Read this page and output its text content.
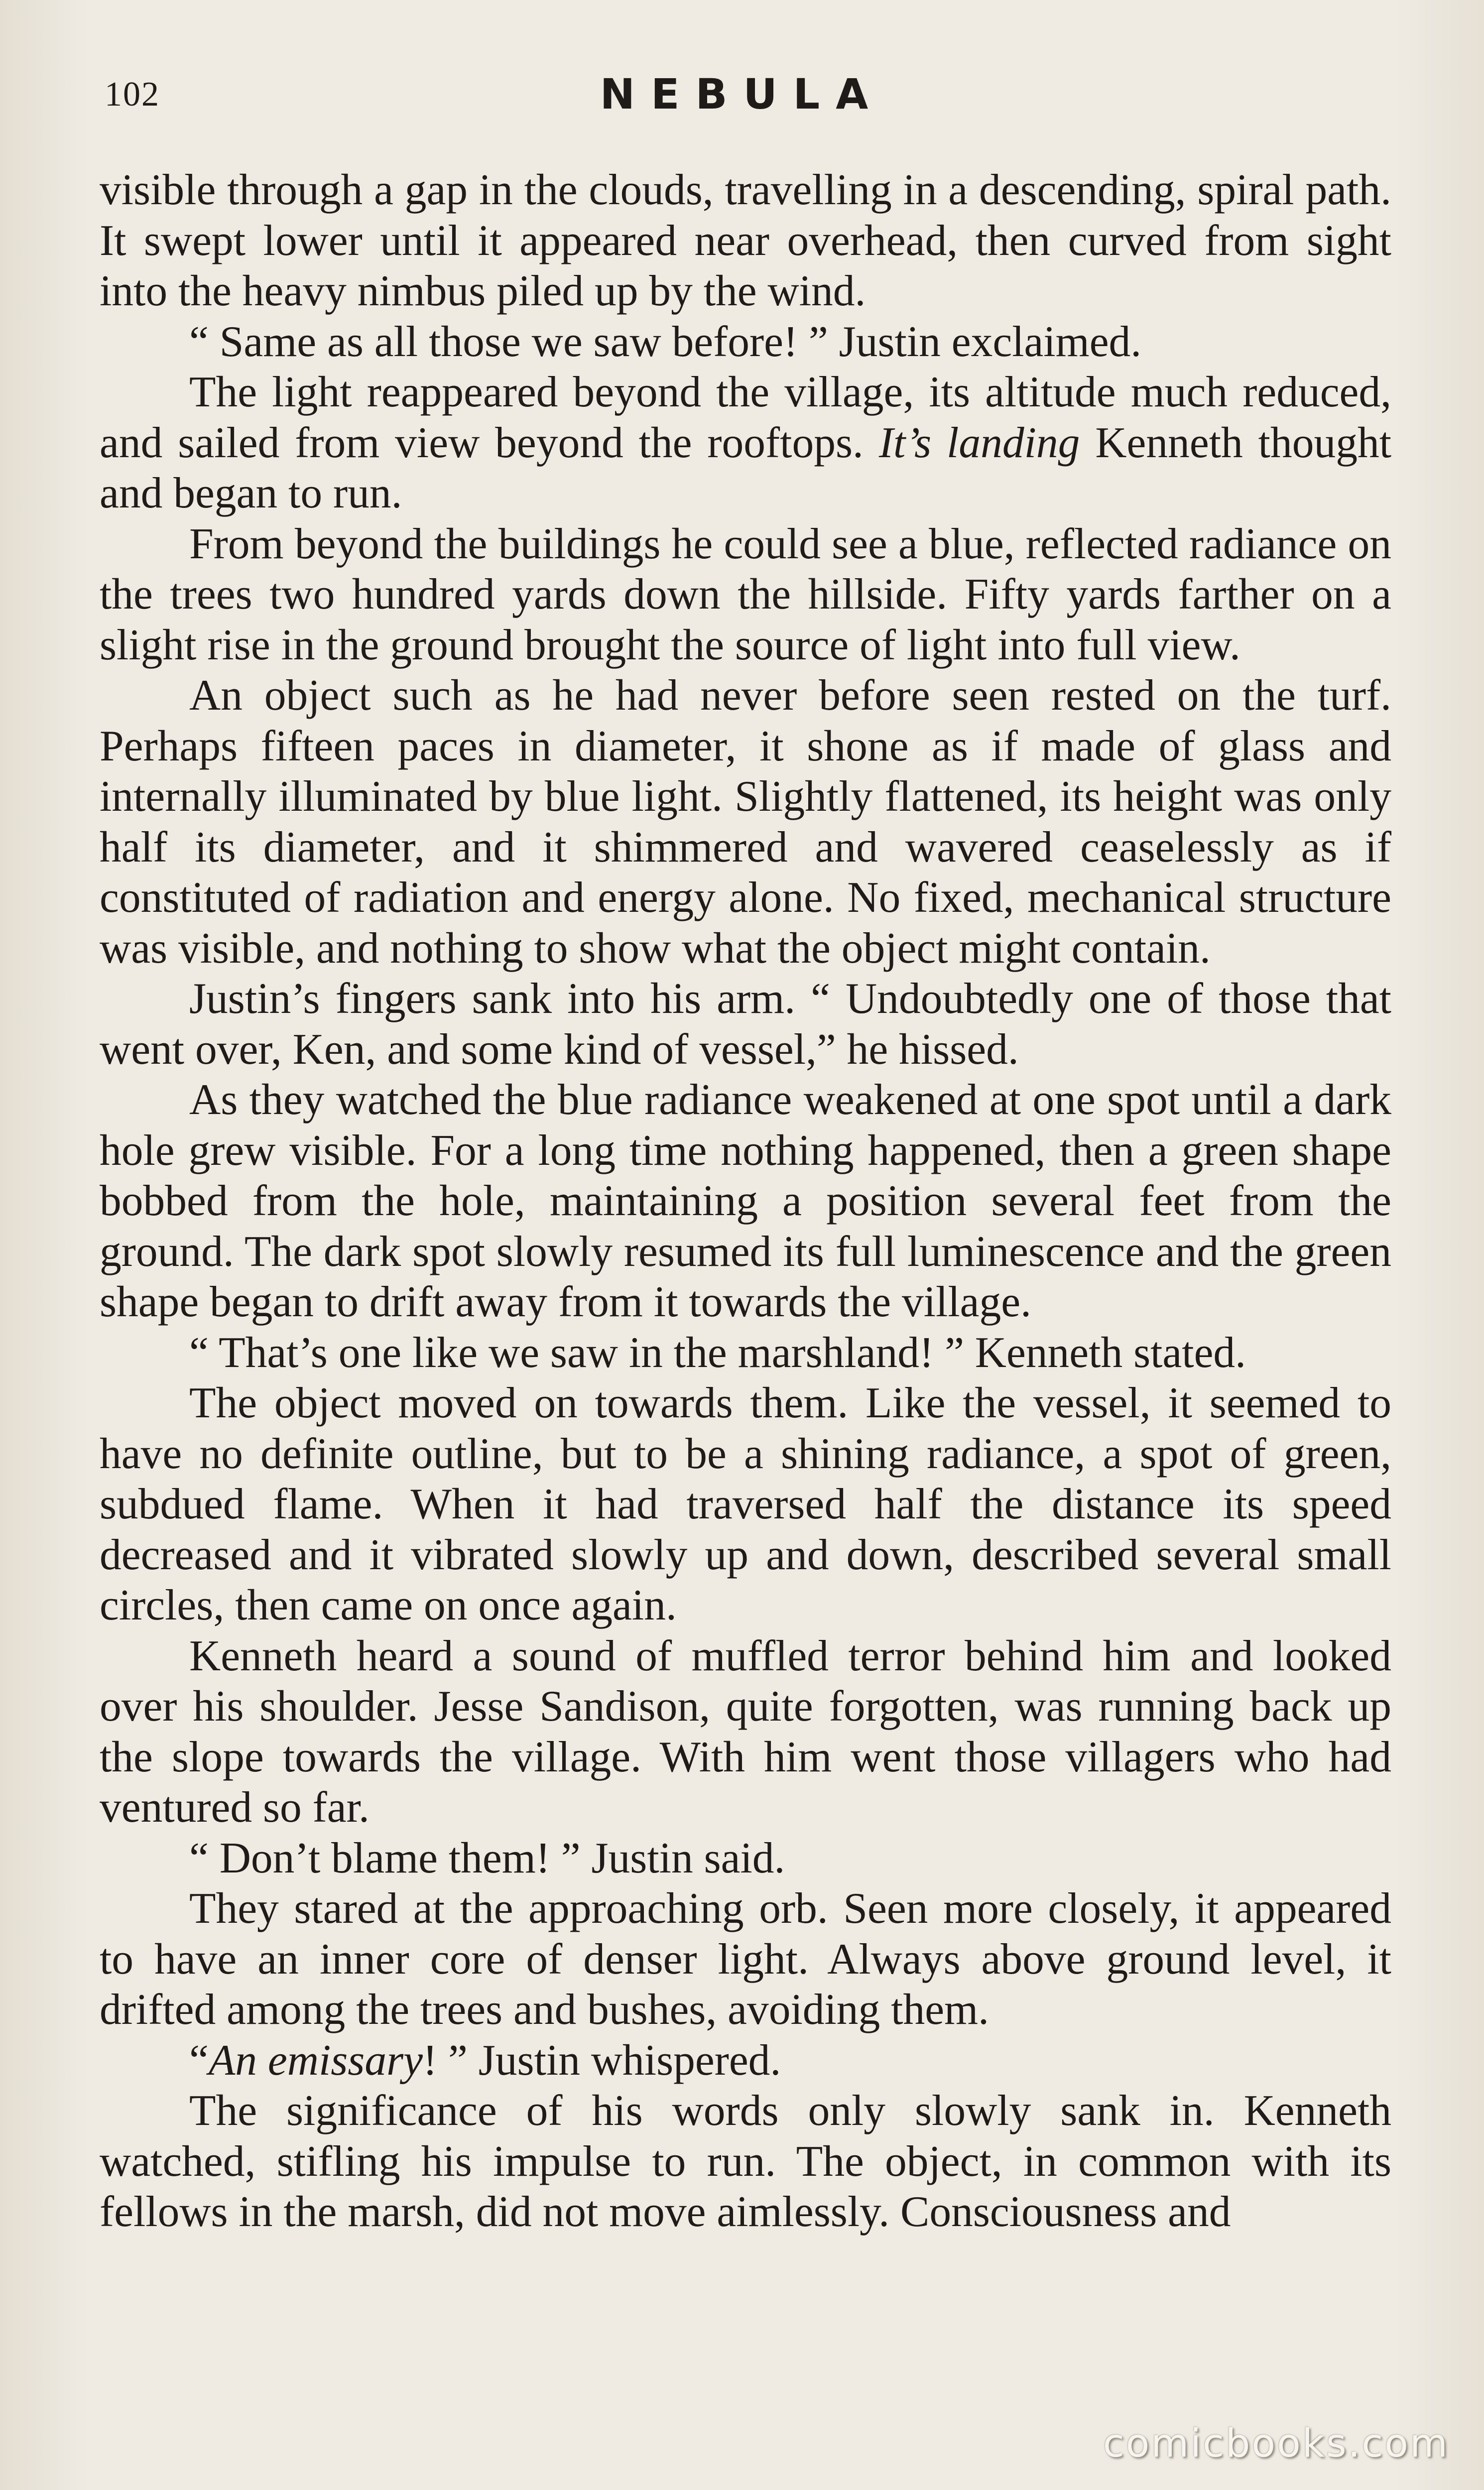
102	NEBULA

visible through a gap in the clouds, travelling in a descending, spiral path. It swept lower until it appeared near overhead, then curved from sight into the heavy nimbus piled up by the wind.

“ Same as all those we saw before! ” Justin exclaimed.

The light reappeared beyond the village, its altitude much reduced, and sailed from view beyond the rooftops. It’s landing Kenneth thought and began to run.

From beyond the buildings he could see a blue, reflected radiance on the trees two hundred yards down the hillside. Fifty yards farther on a slight rise in the ground brought the source of light into full view.

An object such as he had never before seen rested on the turf. Perhaps fifteen paces in diameter, it shone as if made of glass and internally illuminated by blue light. Slightly flattened, its height was only half its diameter, and it shimmered and wavered ceaselessly as if constituted of radiation and energy alone. No fixed, mechanical structure was visible, and nothing to show what the object might contain.

Justin’s fingers sank into his arm. “ Undoubtedly one of those that went over, Ken, and some kind of vessel,” he hissed.

As they watched the blue radiance weakened at one spot until a dark hole grew visible. For a long time nothing happened, then a green shape bobbed from the hole, maintaining a position several feet from the ground. The dark spot slowly resumed its full luminescence and the green shape began to drift away from it towards the village.

“ That’s one like we saw in the marshland! ” Kenneth stated.

The object moved on towards them. Like the vessel, it seemed to have no definite outline, but to be a shining radiance, a spot of green, subdued flame. When it had traversed half the distance its speed decreased and it vibrated slowly up and down, described several small circles, then came on once again.

Kenneth heard a sound of muffled terror behind him and looked over his shoulder. Jesse Sandison, quite forgotten, was running back up the slope towards the village. With him went those villagers who had ventured so far.

“ Don’t blame them! ” Justin said.

They stared at the approaching orb. Seen more closely, it appeared to have an inner core of denser light. Always above ground level, it drifted among the trees and bushes, avoiding them.

“An emissary! ” Justin whispered.

The significance of his words only slowly sank in. Kenneth watched, stifling his impulse to run. The object, in common with its fellows in the marsh, did not move aimlessly. Consciousness and

comicbooks.com
